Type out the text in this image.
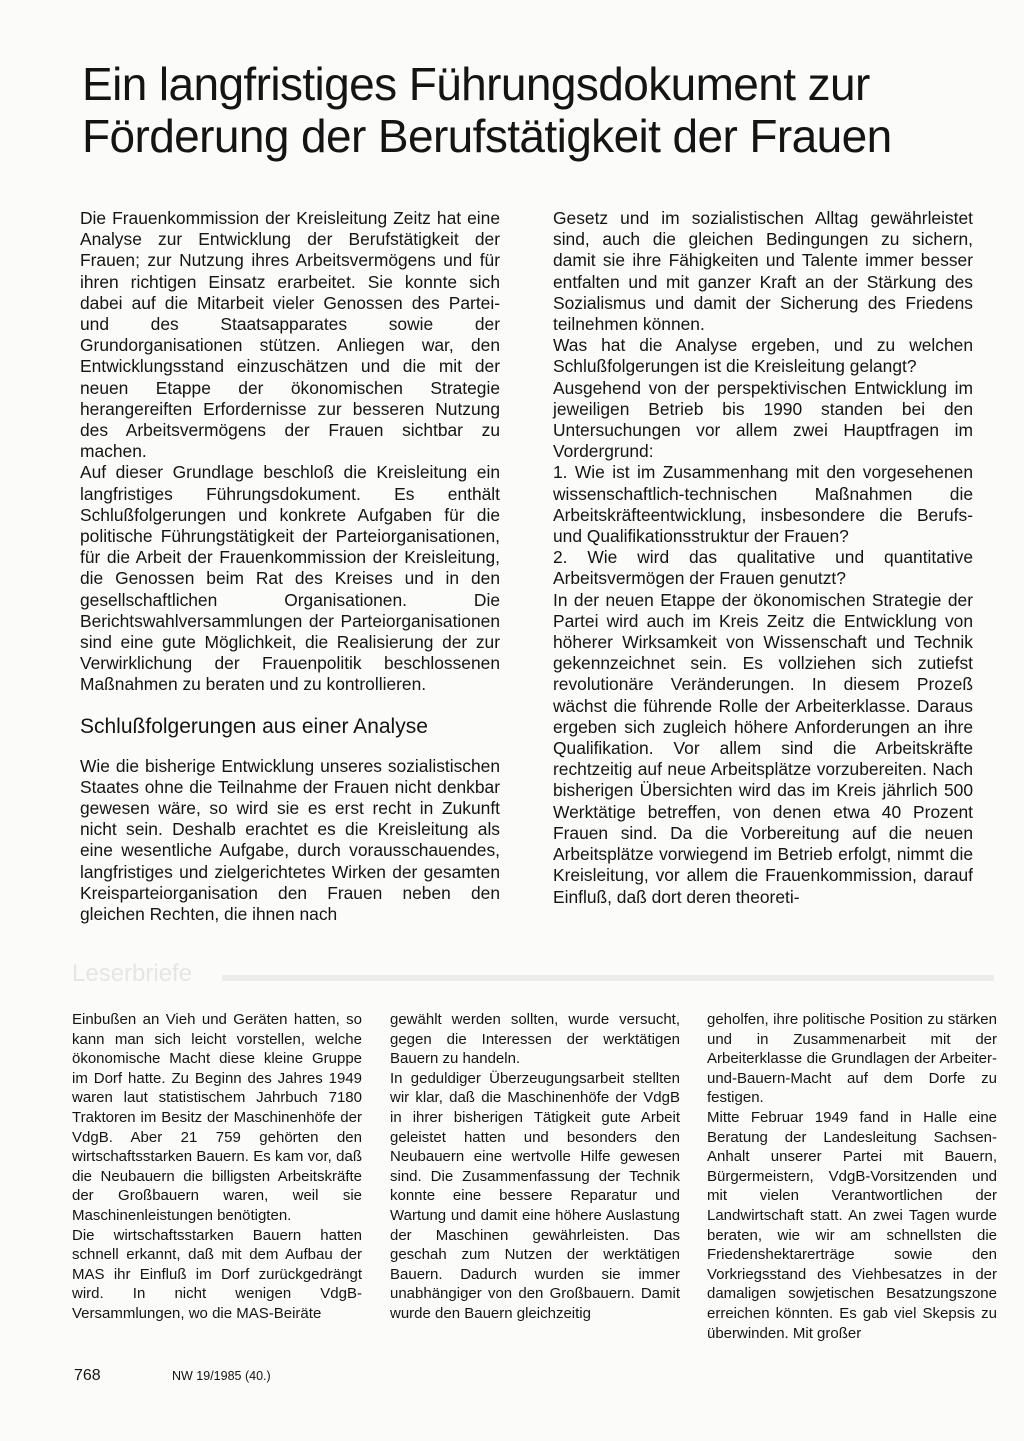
Ein langfristiges Führungsdokument zur
Förderung der Berufstätigkeit der Frauen

Die Frauenkommission der Kreisleitung Zeitz hat eine Analyse zur Entwicklung der Berufstätigkeit der Frauen; zur Nutzung ihres Arbeitsvermögens und für ihren richtigen Einsatz erarbeitet. Sie konnte sich dabei auf die Mitarbeit vieler Genossen des Partei- und des Staatsapparates sowie der Grundorganisationen stützen. Anliegen war, den Entwicklungsstand einzuschätzen und die mit der neuen Etappe der ökonomischen Strategie herangereiften Erfordernisse zur besseren Nutzung des Arbeitsvermögens der Frauen sichtbar zu machen.

Auf dieser Grundlage beschloß die Kreisleitung ein langfristiges Führungsdokument. Es enthält Schlußfolgerungen und konkrete Aufgaben für die politische Führungstätigkeit der Parteiorganisationen, für die Arbeit der Frauenkommission der Kreisleitung, die Genossen beim Rat des Kreises und in den gesellschaftlichen Organisationen. Die Berichtswahlversammlungen der Parteiorganisationen sind eine gute Möglichkeit, die Realisierung der zur Verwirklichung der Frauenpolitik beschlossenen Maßnahmen zu beraten und zu kontrollieren.

Schlußfolgerungen aus einer Analyse

Wie die bisherige Entwicklung unseres sozialistischen Staates ohne die Teilnahme der Frauen nicht denkbar gewesen wäre, so wird sie es erst recht in Zukunft nicht sein. Deshalb erachtet es die Kreisleitung als eine wesentliche Aufgabe, durch vorausschauendes, langfristiges und zielgerichtetes Wirken der gesamten Kreisparteiorganisation den Frauen neben den gleichen Rechten, die ihnen nach

Gesetz und im sozialistischen Alltag gewährleistet sind, auch die gleichen Bedingungen zu sichern, damit sie ihre Fähigkeiten und Talente immer besser entfalten und mit ganzer Kraft an der Stärkung des Sozialismus und damit der Sicherung des Friedens teilnehmen können.

Was hat die Analyse ergeben, und zu welchen Schlußfolgerungen ist die Kreisleitung gelangt?

Ausgehend von der perspektivischen Entwicklung im jeweiligen Betrieb bis 1990 standen bei den Untersuchungen vor allem zwei Hauptfragen im Vordergrund:

1. Wie ist im Zusammenhang mit den vorgesehenen wissenschaftlich-technischen Maßnahmen die Arbeitskräfteentwicklung, insbesondere die Berufs- und Qualifikationsstruktur der Frauen?

2. Wie wird das qualitative und quantitative Arbeitsvermögen der Frauen genutzt?

In der neuen Etappe der ökonomischen Strategie der Partei wird auch im Kreis Zeitz die Entwicklung von höherer Wirksamkeit von Wissenschaft und Technik gekennzeichnet sein. Es vollziehen sich zutiefst revolutionäre Veränderungen. In diesem Prozeß wächst die führende Rolle der Arbeiterklasse. Daraus ergeben sich zugleich höhere Anforderungen an ihre Qualifikation. Vor allem sind die Arbeitskräfte rechtzeitig auf neue Arbeitsplätze vorzubereiten. Nach bisherigen Übersichten wird das im Kreis jährlich 500 Werktätige betreffen, von denen etwa 40 Prozent Frauen sind. Da die Vorbereitung auf die neuen Arbeitsplätze vorwiegend im Betrieb erfolgt, nimmt die Kreisleitung, vor allem die Frauenkommission, darauf Einfluß, daß dort deren theoreti-

Leserbriefe

Einbußen an Vieh und Geräten hatten, so kann man sich leicht vorstellen, welche ökonomische Macht diese kleine Gruppe im Dorf hatte. Zu Beginn des Jahres 1949 waren laut statistischem Jahrbuch 7180 Traktoren im Besitz der Maschinenhöfe der VdgB. Aber 21 759 gehörten den wirtschaftsstarken Bauern. Es kam vor, daß die Neubauern die billigsten Arbeitskräfte der Großbauern waren, weil sie Maschinenleistungen benötigten.

Die wirtschaftsstarken Bauern hatten schnell erkannt, daß mit dem Aufbau der MAS ihr Einfluß im Dorf zurückgedrängt wird. In nicht wenigen VdgB-Versammlungen, wo die MAS-Beiräte

gewählt werden sollten, wurde versucht, gegen die Interessen der werktätigen Bauern zu handeln.

In geduldiger Überzeugungsarbeit stellten wir klar, daß die Maschinenhöfe der VdgB in ihrer bisherigen Tätigkeit gute Arbeit geleistet hatten und besonders den Neubauern eine wertvolle Hilfe gewesen sind. Die Zusammenfassung der Technik konnte eine bessere Reparatur und Wartung und damit eine höhere Auslastung der Maschinen gewährleisten. Das geschah zum Nutzen der werktätigen Bauern. Dadurch wurden sie immer unabhängiger von den Großbauern. Damit wurde den Bauern gleichzeitig

geholfen, ihre politische Position zu stärken und in Zusammenarbeit mit der Arbeiterklasse die Grundlagen der Arbeiter-und-Bauern-Macht auf dem Dorfe zu festigen.

Mitte Februar 1949 fand in Halle eine Beratung der Landesleitung Sachsen-Anhalt unserer Partei mit Bauern, Bürgermeistern, VdgB-Vorsitzenden und mit vielen Verantwortlichen der Landwirtschaft statt. An zwei Tagen wurde beraten, wie wir am schnellsten die Friedenshektarerträge sowie den Vorkriegsstand des Viehbesatzes in der damaligen sowjetischen Besatzungszone erreichen könnten. Es gab viel Skepsis zu überwinden. Mit großer

768	NW 19/1985 (40.)
